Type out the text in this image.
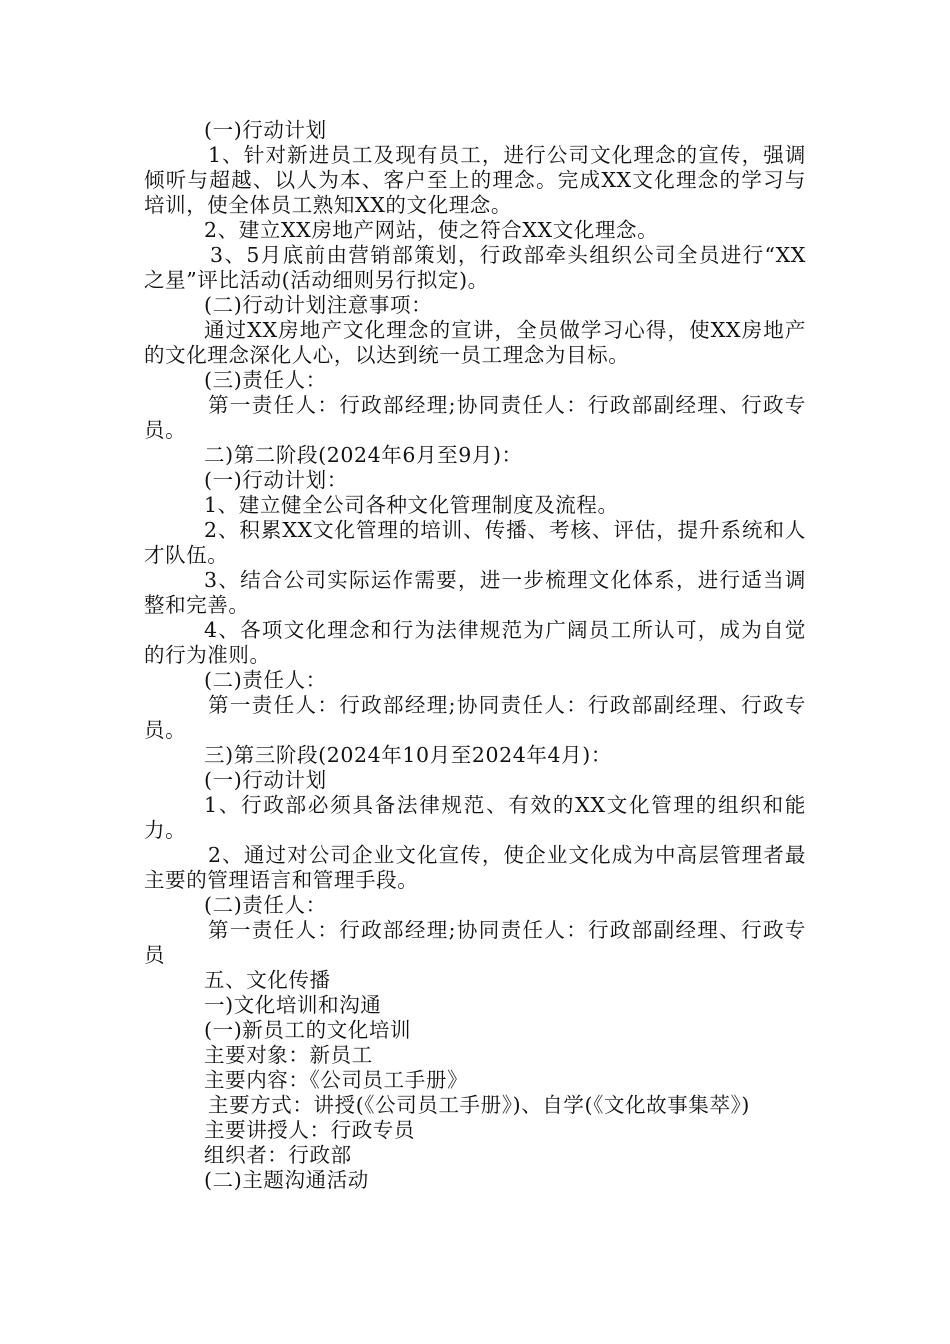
(一)行动计划

1、针对新进员工及现有员工，进行公司文化理念的宣传，强调倾听与超越、以人为本、客户至上的理念。完成XX文化理念的学习与培训，使全体员工熟知XX的文化理念。

2、建立XX房地产网站，使之符合XX文化理念。

3、5月底前由营销部策划，行政部牵头组织公司全员进行“XX之星”评比活动(活动细则另行拟定)。

(二)行动计划注意事项：

通过XX房地产文化理念的宣讲，全员做学习心得，使XX房地产的文化理念深化人心，以达到统一员工理念为目标。

(三)责任人：

第一责任人：行政部经理;协同责任人：行政部副经理、行政专员。

二)第二阶段(2024年6月至9月)：

(一)行动计划：

1、建立健全公司各种文化管理制度及流程。

2、积累XX文化管理的培训、传播、考核、评估，提升系统和人才队伍。

3、结合公司实际运作需要，进一步梳理文化体系，进行适当调整和完善。

4、各项文化理念和行为法律规范为广阔员工所认可，成为自觉的行为准则。

(二)责任人：

第一责任人：行政部经理;协同责任人：行政部副经理、行政专员。

三)第三阶段(2024年10月至2024年4月)：

(一)行动计划

1、行政部必须具备法律规范、有效的XX文化管理的组织和能力。

2、通过对公司企业文化宣传，使企业文化成为中高层管理者最主要的管理语言和管理手段。

(二)责任人：

第一责任人：行政部经理;协同责任人：行政部副经理、行政专员

五、文化传播

一)文化培训和沟通

(一)新员工的文化培训

主要对象：新员工

主要内容：《公司员工手册》

主要方式：讲授(《公司员工手册》)、自学(《文化故事集萃》)

主要讲授人：行政专员

组织者：行政部

(二)主题沟通活动
